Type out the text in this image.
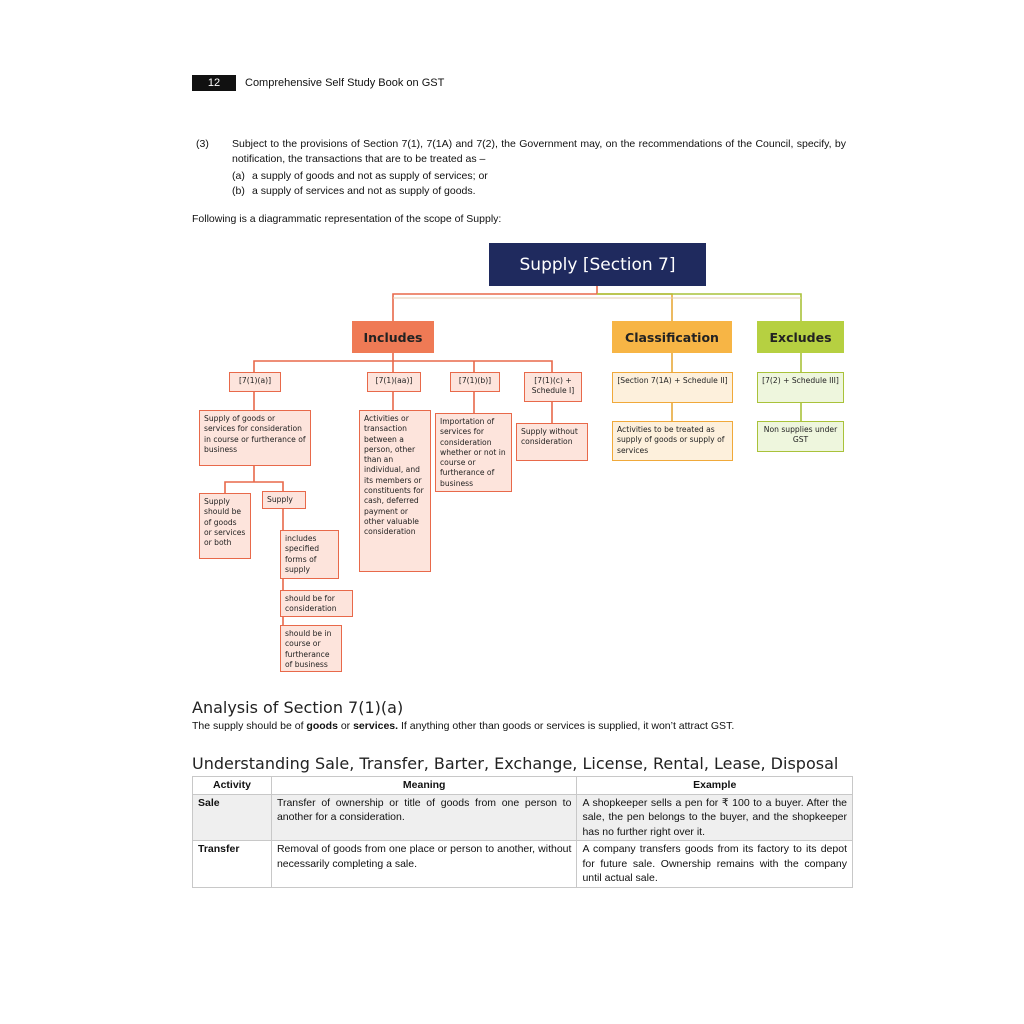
12	Comprehensive Self Study Book on GST
(3) Subject to the provisions of Section 7(1), 7(1A) and 7(2), the Government may, on the recommendations of the Council, specify, by notification, the transactions that are to be treated as –
(a) a supply of goods and not as supply of services; or
(b) a supply of services and not as supply of goods.
Following is a diagrammatic representation of the scope of Supply:
Supply [Section 7]
Includes	Classification	Excludes
[7(1)(a)]	[7(1)(aa)]	[7(1)(b)]	[7(1)(c) + Schedule I]
Supply of goods or services for consideration in course or furtherance of business
Activities or transaction between a person, other than an individual, and its members or constituents for cash, deferred payment or other valuable consideration
Importation of services for consideration whether or not in course or furtherance of business
Supply without consideration
Supply should be of goods or services or both
Supply
includes specified forms of supply
should be for consideration
should be in course or furtherance of business
[Section 7(1A) + Schedule II]
Activities to be treated as supply of goods or supply of services
[7(2) + Schedule III]
Non supplies under GST
Analysis of Section 7(1)(a)
The supply should be of goods or services. If anything other than goods or services is supplied, it won’t attract GST.
Understanding Sale, Transfer, Barter, Exchange, License, Rental, Lease, Disposal
Activity	Meaning	Example
Sale	Transfer of ownership or title of goods from one person to another for a consideration.	A shopkeeper sells a pen for ₹ 100 to a buyer. After the sale, the pen belongs to the buyer, and the shopkeeper has no further right over it.
Transfer	Removal of goods from one place or person to another, without necessarily completing a sale.	A company transfers goods from its factory to its depot for future sale. Ownership remains with the company until actual sale.
